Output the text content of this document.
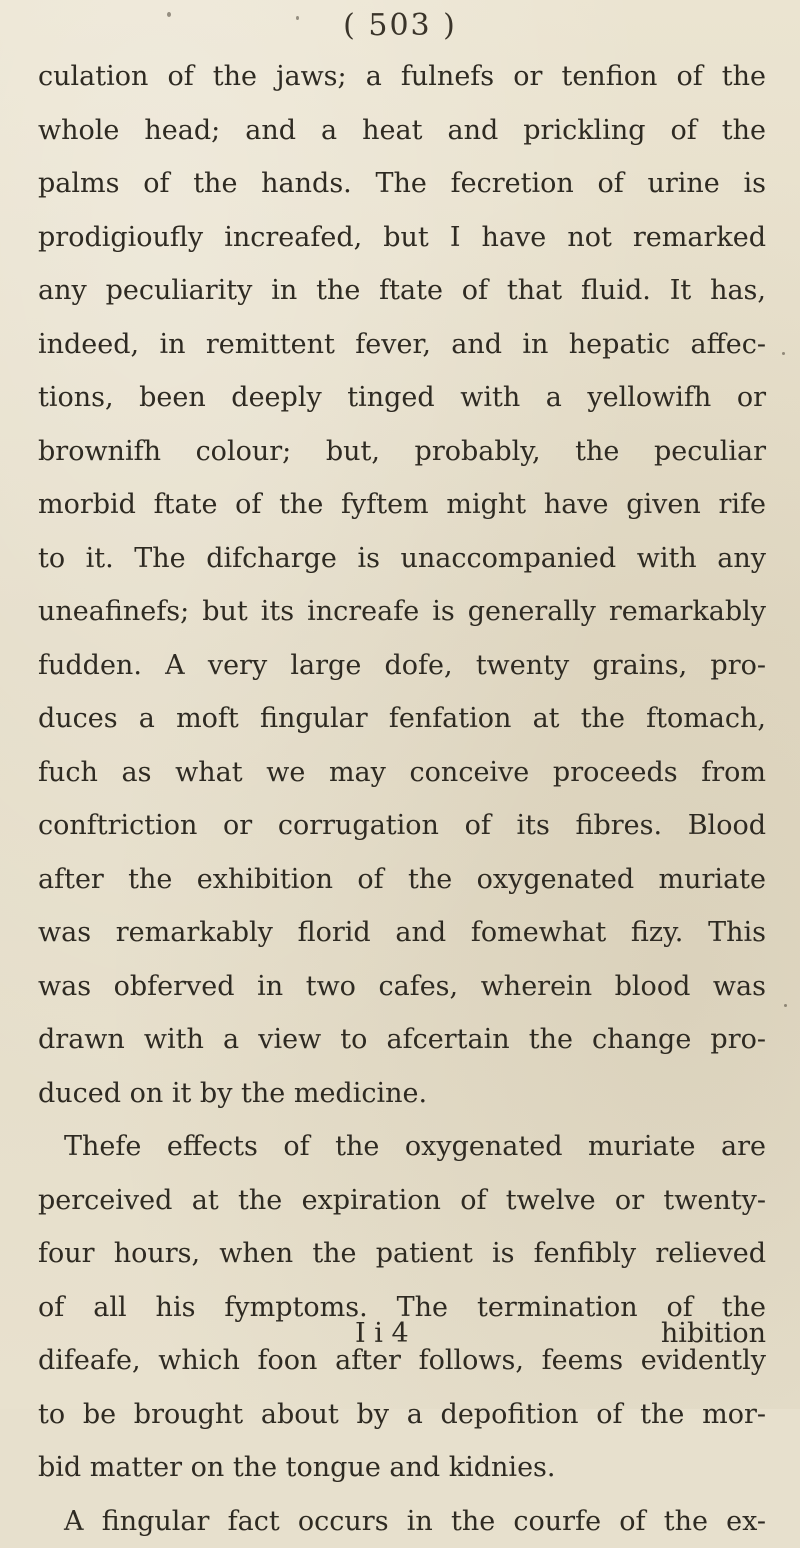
( 503 )
culation of the jaws; a fulnefs or tenfion of the
whole head; and a heat and prickling of the
palms of the hands. The fecretion of urine is
prodigioufly increafed, but I have not remarked
any peculiarity in the ftate of that fluid. It has,
indeed, in remittent fever, and in hepatic affec-
tions, been deeply tinged with a yellowifh or
brownifh colour; but, probably, the peculiar
morbid ftate of the fyftem might have given rife
to it. The difcharge is unaccompanied with any
uneafinefs; but its increafe is generally remarkably
fudden. A very large dofe, twenty grains, pro-
duces a moft fingular fenfation at the ftomach,
fuch as what we may conceive proceeds from
conftriction or corrugation of its fibres. Blood
after the exhibition of the oxygenated muriate
was remarkably florid and fomewhat fizy. This
was obferved in two cafes, wherein blood was
drawn with a view to afcertain the change pro-
duced on it by the medicine.
Thefe effects of the oxygenated muriate are
perceived at the expiration of twelve or twenty-
four hours, when the patient is fenfibly relieved
of all his fymptoms. The termination of the
difeafe, which foon after follows, feems evidently
to be brought about by a depofition of the mor-
bid matter on the tongue and kidnies.
A fingular fact occurs in the courfe of the ex-
I i 4	hibition
